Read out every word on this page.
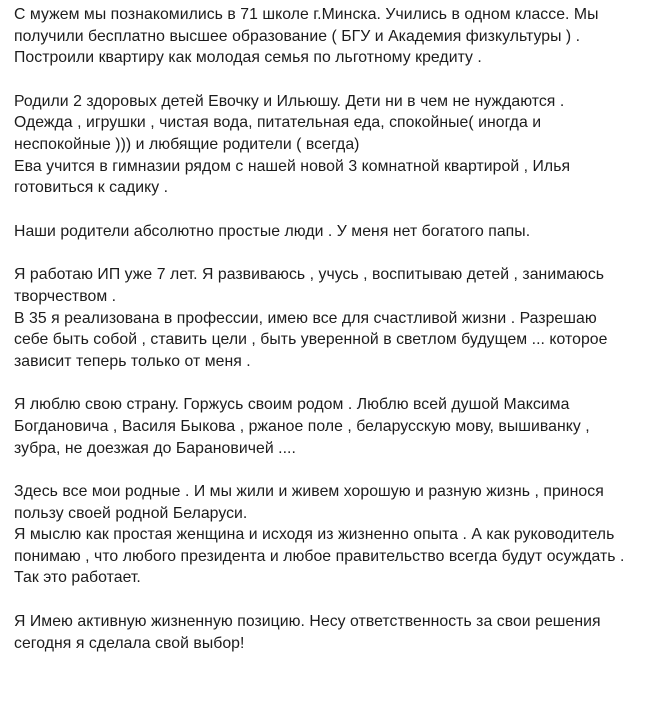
С мужем мы познакомились в 71 школе г.Минска. Учились в одном классе. Мы
получили бесплатно высшее образование ( БГУ и Академия физкультуры ) .
Построили квартиру как молодая семья по льготному кредиту .
Родили 2 здоровых детей Евочку и Ильюшу. Дети ни в чем не нуждаются .
Одежда , игрушки , чистая вода, питательная еда, спокойные( иногда и
неспокойные ))) и любящие родители ( всегда)
Ева учится в гимназии рядом с нашей новой 3 комнатной квартирой , Илья
готовиться к садику .
Наши родители абсолютно простые люди . У меня нет богатого папы.
Я работаю ИП уже 7 лет. Я развиваюсь , учусь , воспитываю детей , занимаюсь
творчеством .
В 35 я реализована в профессии, имею все для счастливой жизни . Разрешаю
себе быть собой , ставить цели , быть уверенной в светлом будущем ... которое
зависит теперь только от меня .
Я люблю свою страну. Горжусь своим родом . Люблю всей душой Максима
Богдановича , Василя Быкова , ржаное поле , беларусскую мову, вышиванку ,
зубра, не доезжая до Барановичей ....
Здесь все мои родные . И мы жили и живем хорошую и разную жизнь , принося
пользу своей родной Беларуси.
Я мыслю как простая женщина и исходя из жизненно опыта . А как руководитель
понимаю , что любого президента и любое правительство всегда будут осуждать .
Так это работает.
Я Имею активную жизненную позицию. Несу ответственность за свои решения
сегодня я сделала свой выбор!
